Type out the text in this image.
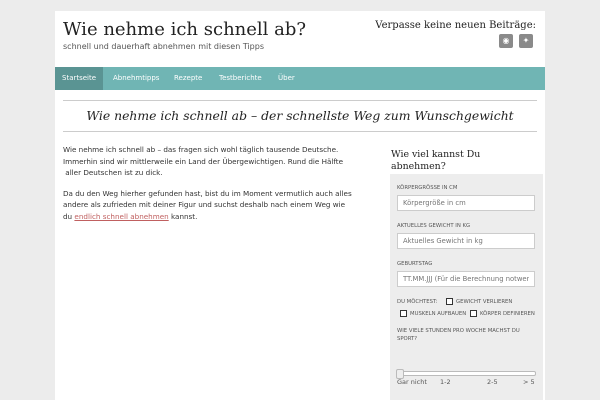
Wie nehme ich schnell ab?
schnell und dauerhaft abnehmen mit diesen Tipps
Verpasse keine neuen Beiträge:
◉	✦
Startseite	Abnehmtipps	Rezepte	Testberichte	Über
Wie nehme ich schnell ab – der schnellste Weg zum Wunschgewicht

Wie nehme ich schnell ab – das fragen sich wohl täglich tausende Deutsche.
Immerhin sind wir mittlerweile ein Land der Übergewichtigen. Rund die Hälfte
aller Deutschen ist zu dick.

Da du den Weg hierher gefunden hast, bist du im Moment vermutlich auch alles
andere als zufrieden mit deiner Figur und suchst deshalb nach einem Weg wie
du endlich schnell abnehmen kannst.

Wie viel kannst Du abnehmen?
KÖRPERGRÖSSE IN CM
Körpergröße in cm
AKTUELLES GEWICHT IN KG
Aktuelles Gewicht in kg
GEBURTSTAG
TT.MM.JJJ (Für die Berechnung notwendig)
DU MÖCHTEST:	GEWICHT VERLIEREN
MUSKELN AUFBAUEN	KÖRPER DEFINIEREN
WIE VIELE STUNDEN PRO WOCHE MACHST DU
SPORT?
Gar nicht 1-2	2-5	> 5
